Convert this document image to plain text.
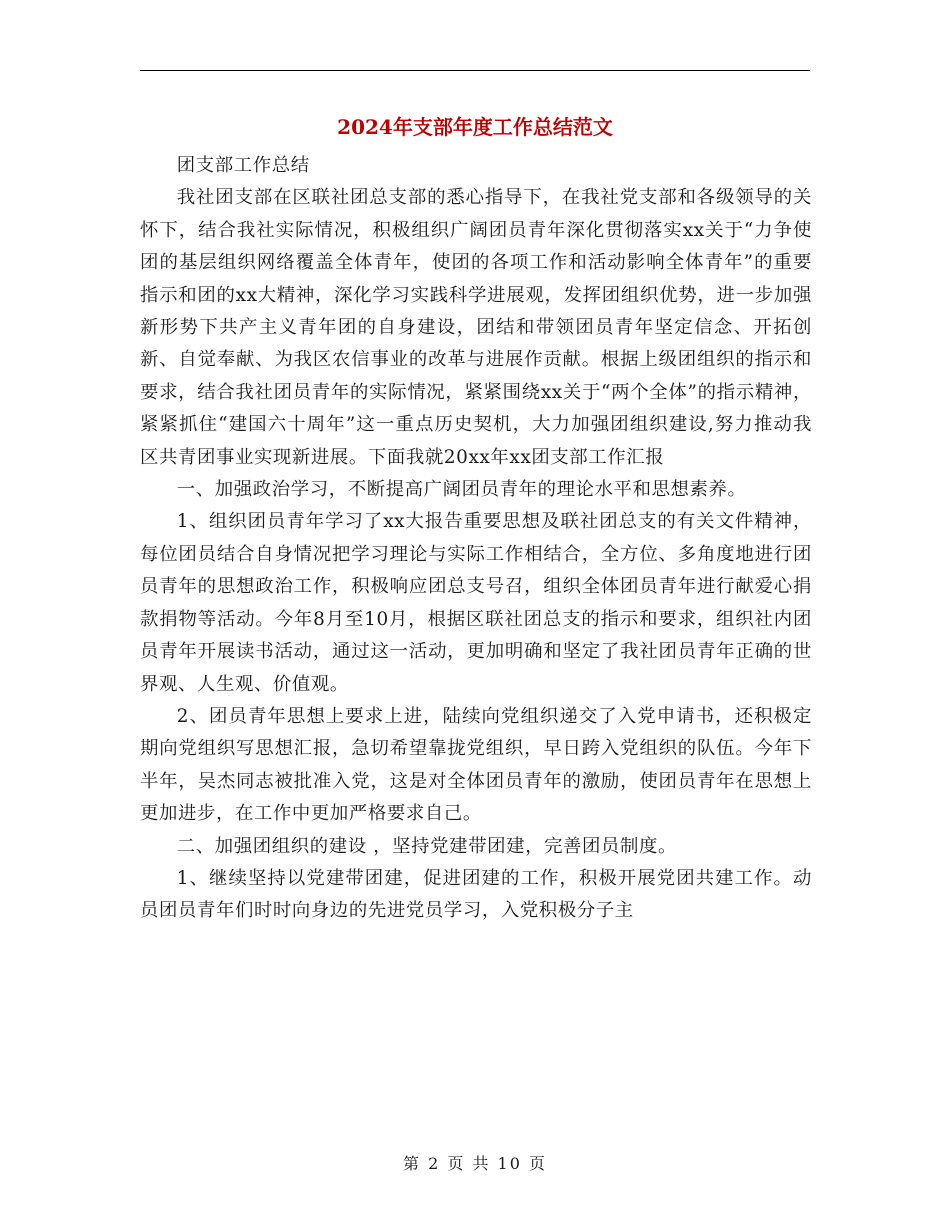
2024年支部年度工作总结范文

团支部工作总结

我社团支部在区联社团总支部的悉心指导下，在我社党支部和各级领导的关怀下，结合我社实际情况，积极组织广阔团员青年深化贯彻落实xx关于“力争使团的基层组织网络覆盖全体青年，使团的各项工作和活动影响全体青年”的重要指示和团的xx大精神，深化学习实践科学进展观，发挥团组织优势，进一步加强新形势下共产主义青年团的自身建设，团结和带领团员青年坚定信念、开拓创新、自觉奉献、为我区农信事业的改革与进展作贡献。根据上级团组织的指示和要求，结合我社团员青年的实际情况，紧紧围绕xx关于“两个全体”的指示精神，紧紧抓住“建国六十周年”这一重点历史契机，大力加强团组织建设,努力推动我区共青团事业实现新进展。下面我就20xx年xx团支部工作汇报

一、加强政治学习，不断提高广阔团员青年的理论水平和思想素养。

1、组织团员青年学习了xx大报告重要思想及联社团总支的有关文件精神，每位团员结合自身情况把学习理论与实际工作相结合，全方位、多角度地进行团员青年的思想政治工作，积极响应团总支号召，组织全体团员青年进行献爱心捐款捐物等活动。今年8月至10月，根据区联社团总支的指示和要求，组织社内团员青年开展读书活动，通过这一活动，更加明确和坚定了我社团员青年正确的世界观、人生观、价值观。

2、团员青年思想上要求上进，陆续向党组织递交了入党申请书，还积极定期向党组织写思想汇报，急切希望靠拢党组织，早日跨入党组织的队伍。今年下半年，吴杰同志被批准入党，这是对全体团员青年的激励，使团员青年在思想上更加进步，在工作中更加严格要求自己。

二、加强团组织的建设 ，坚持党建带团建，完善团员制度。

1、继续坚持以党建带团建，促进团建的工作，积极开展党团共建工作。动员团员青年们时时向身边的先进党员学习，入党积极分子主

第 2 页 共 10 页
